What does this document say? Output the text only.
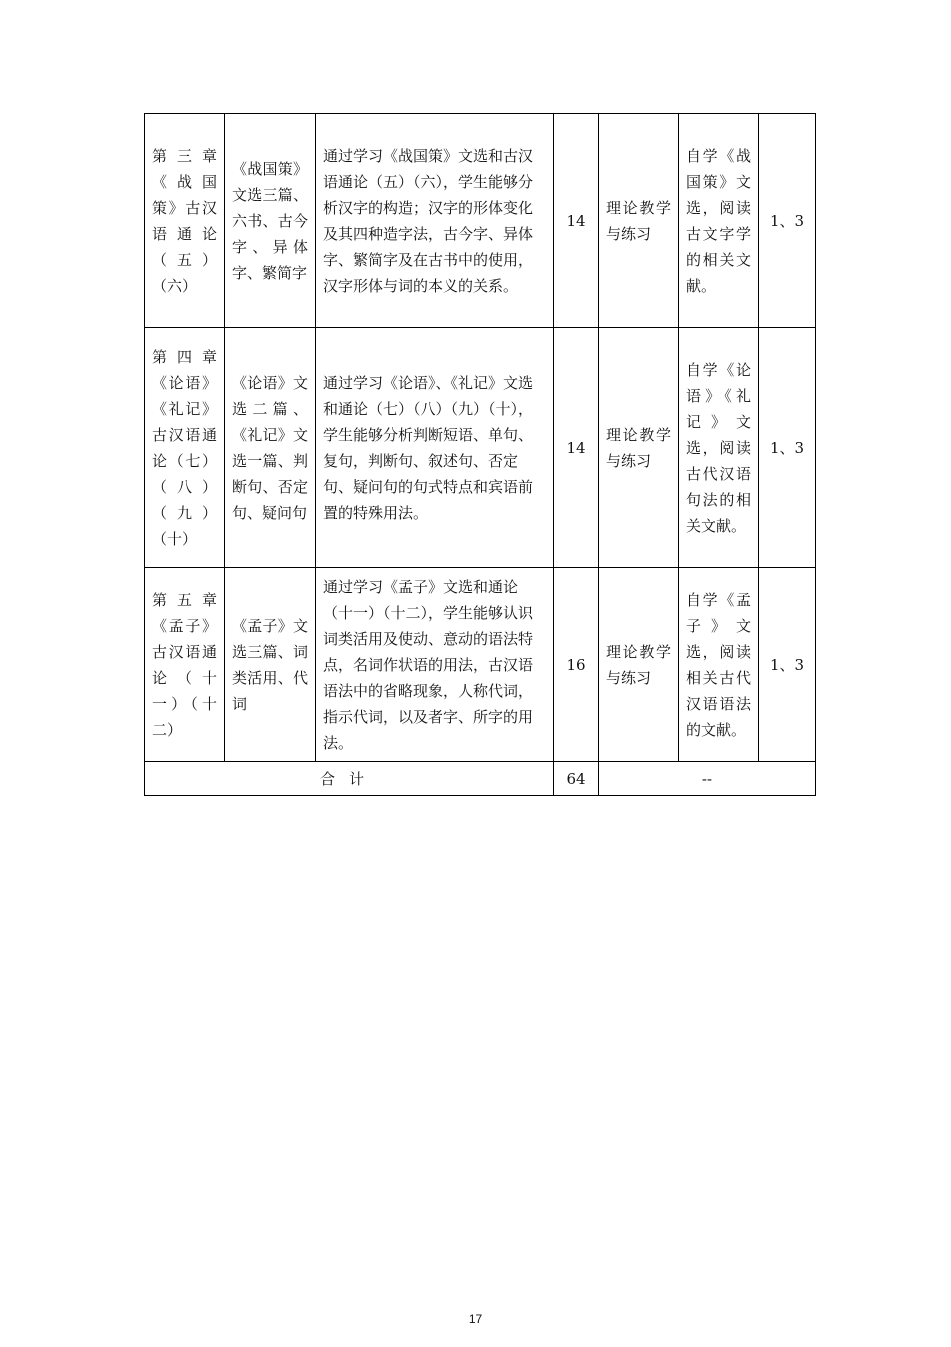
第三章《战国策》古汉语通论（五）（六）	《战国策》文选三篇、六书、古今字、异体字、繁简字	通过学习《战国策》文选和古汉语通论（五）（六），学生能够分析汉字的构造；汉字的形体变化及其四种造字法，古今字、异体字、繁简字及在古书中的使用，汉字形体与词的本义的关系。	14	理论教学与练习	自学《战国策》文选，阅读古文字学的相关文献。	1、3
第四章《论语》《礼记》古汉语通论（七）（八）（九）（十）	《论语》文选二篇、《礼记》文选一篇、判断句、否定句、疑问句	通过学习《论语》、《礼记》文选和通论（七）（八）（九）（十），学生能够分析判断短语、单句、复句，判断句、叙述句、否定句、疑问句的句式特点和宾语前置的特殊用法。	14	理论教学与练习	自学《论语》《礼记》文选，阅读古代汉语句法的相关文献。	1、3
第五章《孟子》古汉语通论（十一）（十二）	《孟子》文选三篇、词类活用、代词	通过学习《孟子》文选和通论（十一）（十二），学生能够认识词类活用及使动、意动的语法特点，名词作状语的用法，古汉语语法中的省略现象，人称代词，指示代词，以及者字、所字的用法。	16	理论教学与练习	自学《孟子》文选，阅读相关古代汉语语法的文献。	1、3
合计			64	--		
17
